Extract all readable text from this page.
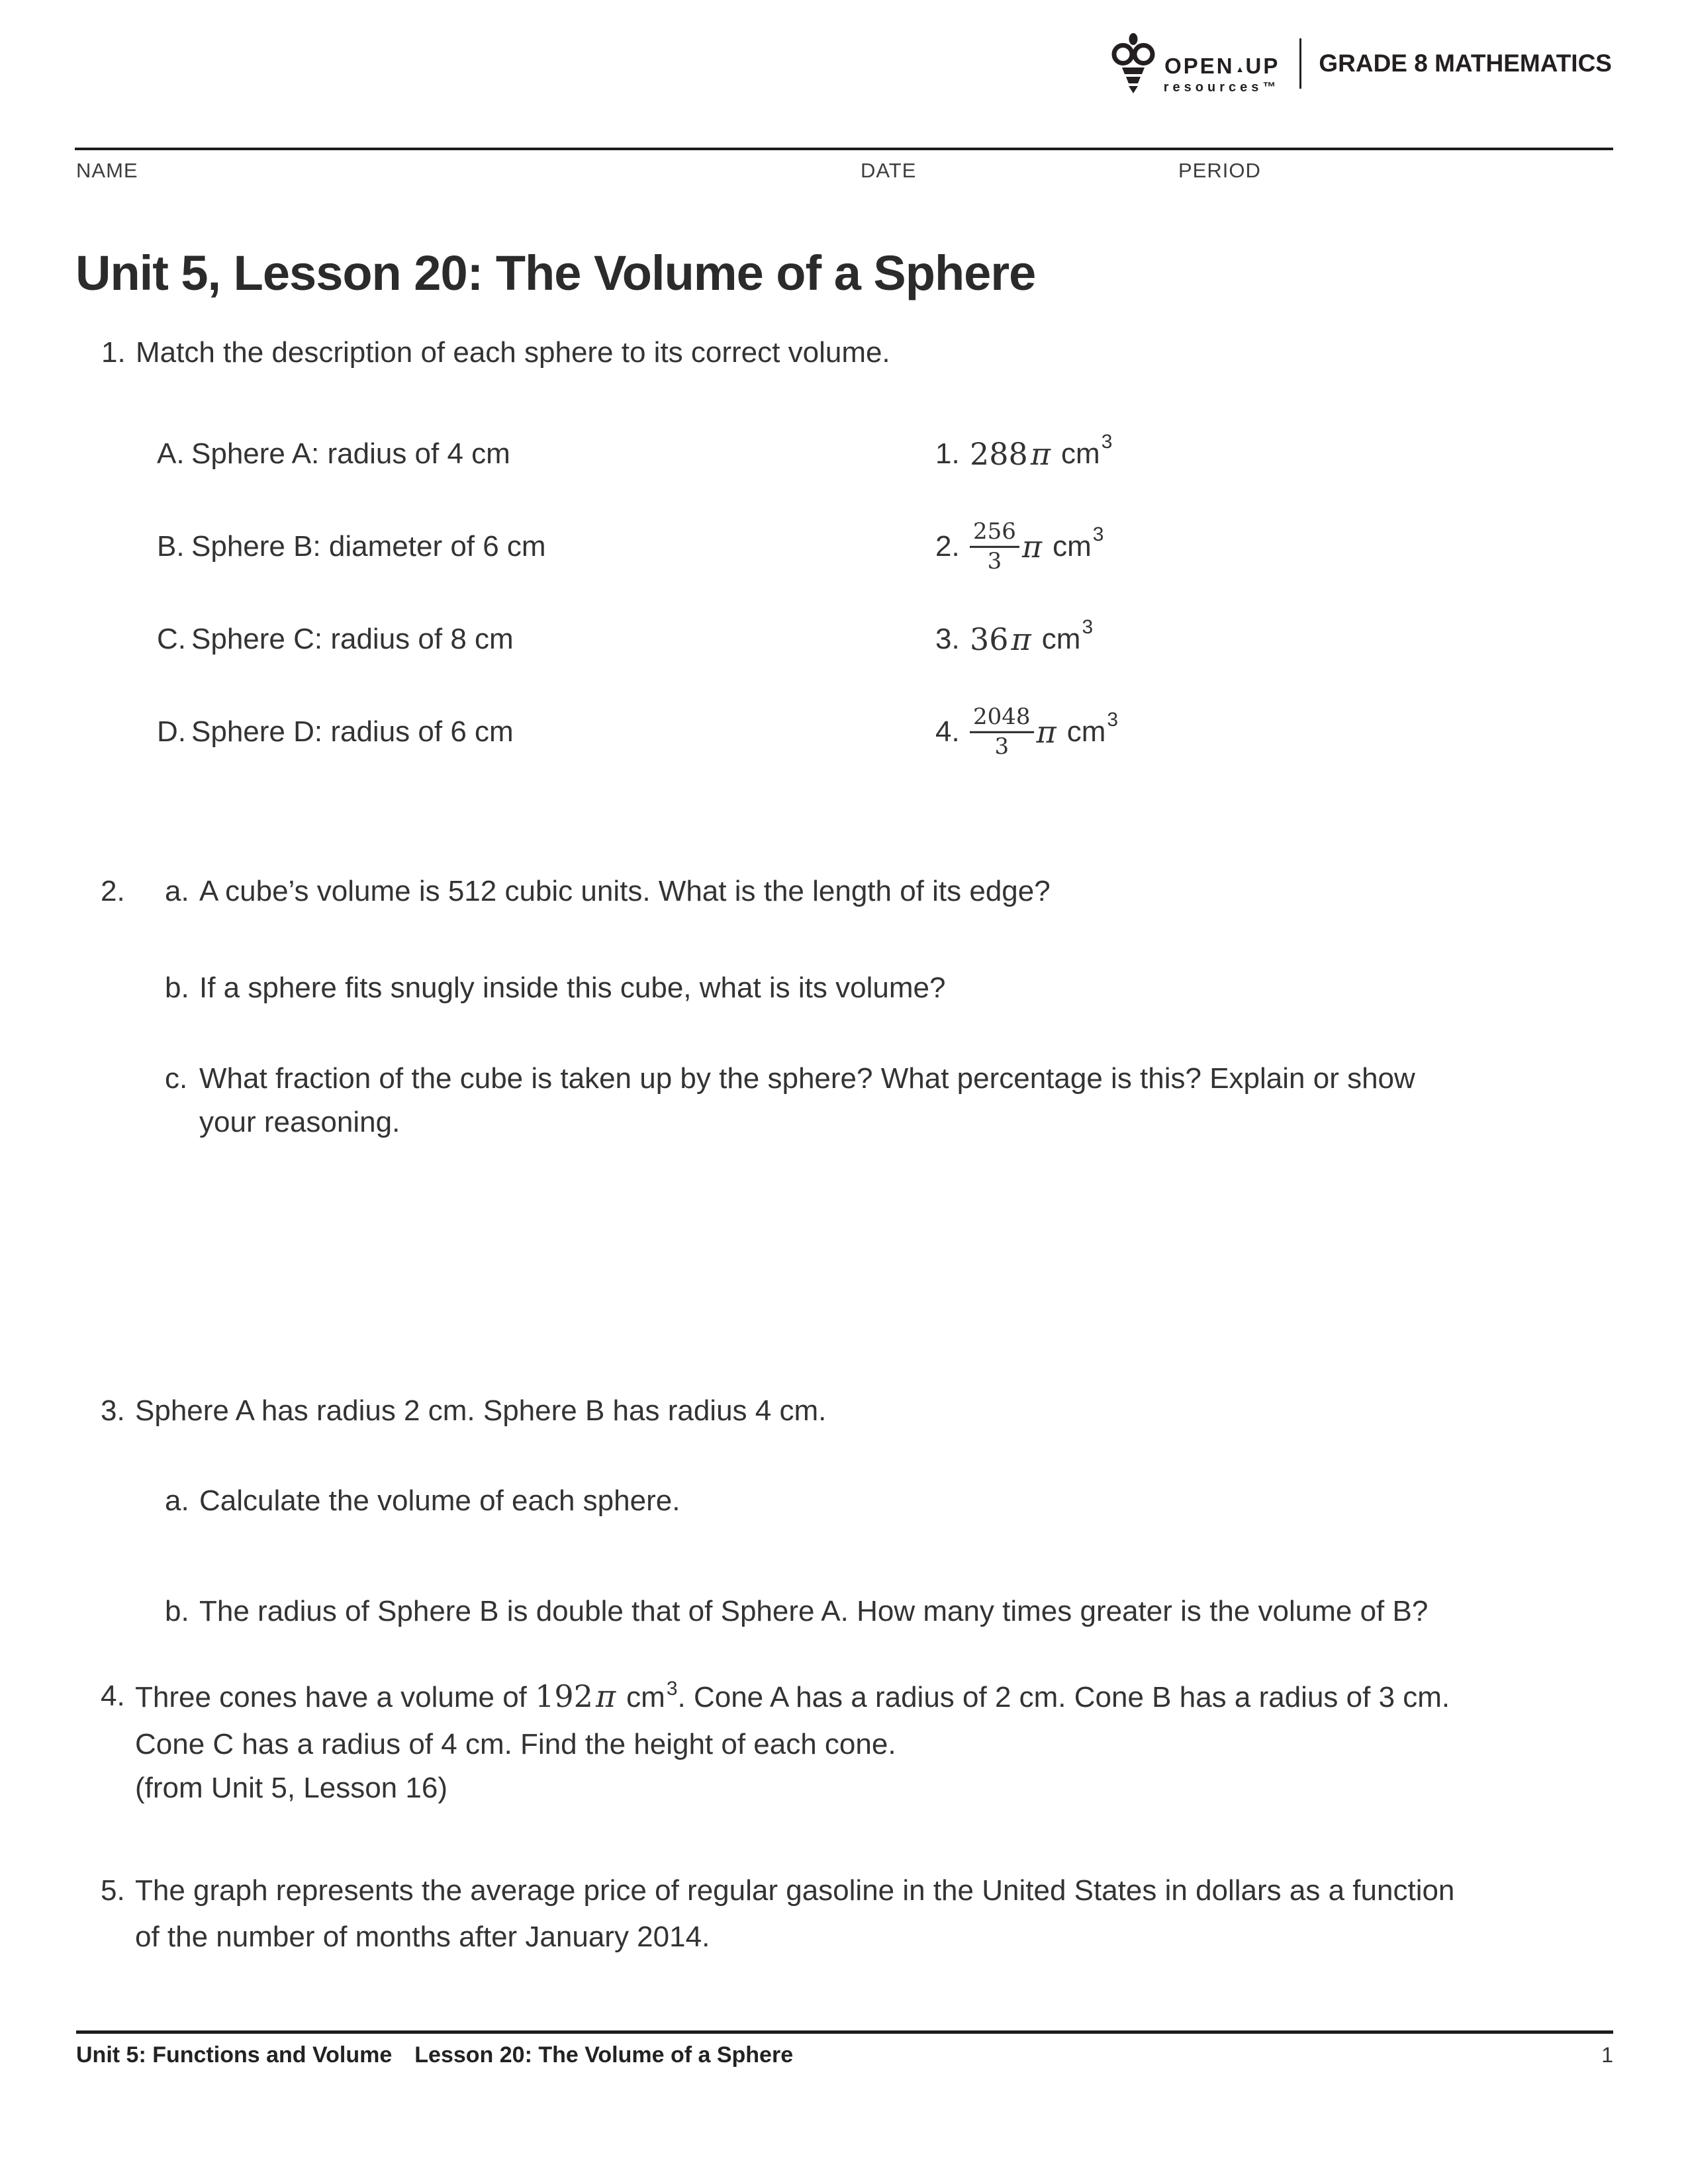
OPEN ▲UP
resources™
GRADE 8 MATHEMATICS
NAME	DATE	PERIOD
Unit 5, Lesson 20: The Volume of a Sphere
1. Match the description of each sphere to its correct volume.
A. Sphere A: radius of 4 cm	1. 288 π cm 3
B. Sphere B: diameter of 6 cm	2. $\frac{256}{3}$ π cm 3
C. Sphere C: radius of 8 cm	3. 36 π cm 3
D. Sphere D: radius of 6 cm	4. $\frac{2048}{3}$ π cm 3
2.	a. A cube’s volume is 512 cubic units. What is the length of its edge?
b. If a sphere fits snugly inside this cube, what is its volume?
c. What fraction of the cube is taken up by the sphere? What percentage is this? Explain or show
your reasoning.
3. Sphere A has radius 2 cm. Sphere B has radius 4 cm.
a. Calculate the volume of each sphere.
b. The radius of Sphere B is double that of Sphere A. How many times greater is the volume of B?
4. Three cones have a volume of 192π $cm^3$. Cone A has a radius of 2 cm. Cone B has a radius of 3 cm.
Cone C has a radius of 4 cm. Find the height of each cone.
(from Unit 5, Lesson 16)
5. The graph represents the average price of regular gasoline in the United States in dollars as a function
of the number of months after January 2014.
Unit 5: Functions and Volume Lesson 20: The Volume of a Sphere	1
